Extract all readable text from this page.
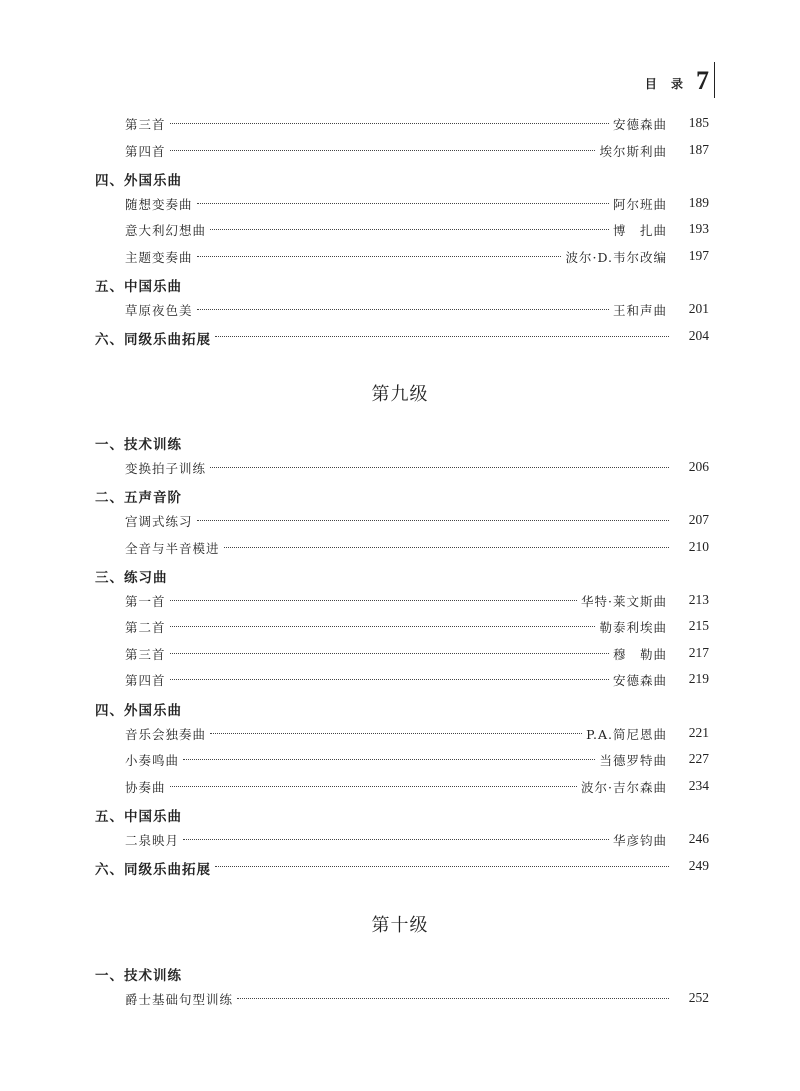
目 录 7
第九级
第十级
第三首	安德森曲	185
第四首	埃尔斯利曲	187
四、外国乐曲
随想变奏曲	阿尔班曲	189
意大利幻想曲	博　扎曲	193
主题变奏曲	波尔·D.韦尔改编	197
五、中国乐曲
草原夜色美	王和声曲	201
六、同级乐曲拓展	204
一、技术训练
变换拍子训练	206
二、五声音阶
宫调式练习	207
全音与半音模进	210
三、练习曲
第一首	华特·莱文斯曲	213
第二首	勒泰利埃曲	215
第三首	穆　勒曲	217
第四首	安德森曲	219
四、外国乐曲
音乐会独奏曲	P.A.简尼恩曲	221
小奏鸣曲	当德罗特曲	227
协奏曲	波尔·吉尔森曲	234
五、中国乐曲
二泉映月	华彦钧曲	246
六、同级乐曲拓展	249
一、技术训练
爵士基础句型训练	252
